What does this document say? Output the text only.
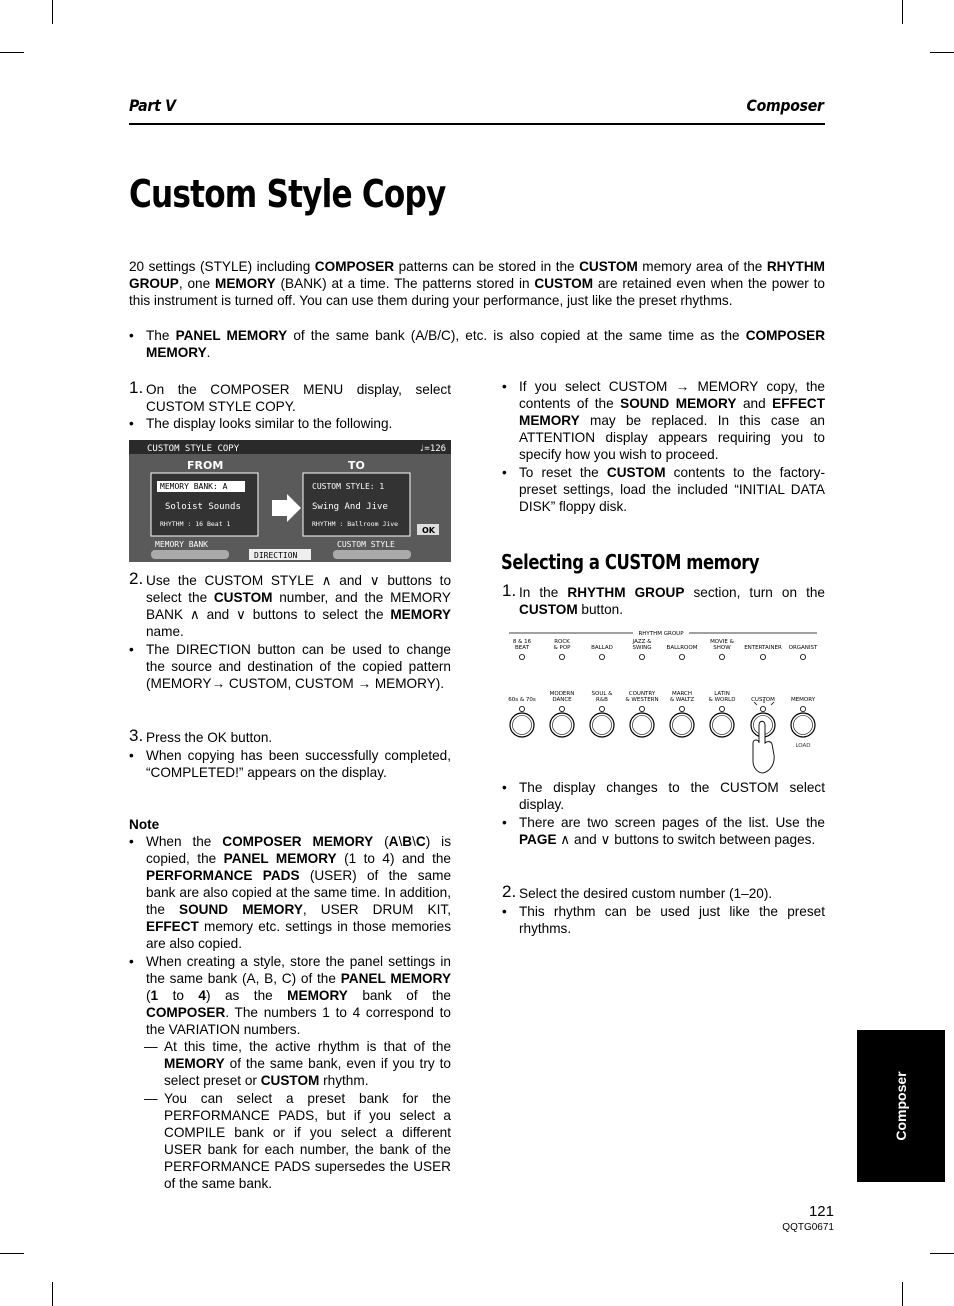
Part V	Composer
Custom Style Copy
20 settings (STYLE) including COMPOSER patterns can be stored in the CUSTOM memory area of the RHYTHM GROUP, one MEMORY (BANK) at a time. The patterns stored in CUSTOM are retained even when the power to this instrument is turned off. You can use them during your performance, just like the preset rhythms.
• The PANEL MEMORY of the same bank (A/B/C), etc. is also copied at the same time as the COMPOSER MEMORY.
1. On the COMPOSER MENU display, select CUSTOM STYLE COPY.
• The display looks similar to the following.
CUSTOM STYLE COPY	♩=126
FROM	TO
MEMORY BANK: A
Soloist Sounds
RHYTHM : 16 Beat 1
CUSTOM STYLE: 1
Swing And Jive
RHYTHM : Ballroom Jive
OK
MEMORY BANK
DIRECTION
CUSTOM STYLE
2. Use the CUSTOM STYLE ∧ and ∨ buttons to select the CUSTOM number, and the MEMORY BANK ∧ and ∨ buttons to select the MEMORY name.
• The DIRECTION button can be used to change the source and destination of the copied pattern (MEMORY→ CUSTOM, CUSTOM → MEMORY).
3. Press the OK button.
• When copying has been successfully completed, “COMPLETED!” appears on the display.
Note
• When the COMPOSER MEMORY (A\B\C) is copied, the PANEL MEMORY (1 to 4) and the PERFORMANCE PADS (USER) of the same bank are also copied at the same time. In addition, the SOUND MEMORY, USER DRUM KIT, EFFECT memory etc. settings in those memories are also copied.
• When creating a style, store the panel settings in the same bank (A, B, C) of the PANEL MEMORY (1 to 4) as the MEMORY bank of the COMPOSER. The numbers 1 to 4 correspond to the VARIATION numbers.
— At this time, the active rhythm is that of the MEMORY of the same bank, even if you try to select preset or CUSTOM rhythm.
— You can select a preset bank for the PERFORMANCE PADS, but if you select a COMPILE bank or if you select a different USER bank for each number, the bank of the PERFORMANCE PADS supersedes the USER of the same bank.
• If you select CUSTOM → MEMORY copy, the contents of the SOUND MEMORY and EFFECT MEMORY may be replaced. In this case an ATTENTION display appears requiring you to specify how you wish to proceed.
• To reset the CUSTOM contents to the factory-preset settings, load the included “INITIAL DATA DISK” floppy disk.
Selecting a CUSTOM memory
1. In the RHYTHM GROUP section, turn on the CUSTOM button.
RHYTHM GROUP
8 & 16
BEAT
ROCK
& POP	BALLAD
JAZZ &
SWING	BALLROOM
MOVIE &
SHOW ENTERTAINER ORGANIST
60s & 70s
MODERN
DANCE
SOUL &
R&B
COUNTRY
& WESTERN
MARCH
& WALTZ
LATIN
& WORLD	CUSTOM	MEMORY
LOAD
• The display changes to the CUSTOM select display.
• There are two screen pages of the list. Use the PAGE ∧ and ∨ buttons to switch between pages.
2. Select the desired custom number (1–20).
• This rhythm can be used just like the preset rhythms.
Composer
121
QQTG0671
